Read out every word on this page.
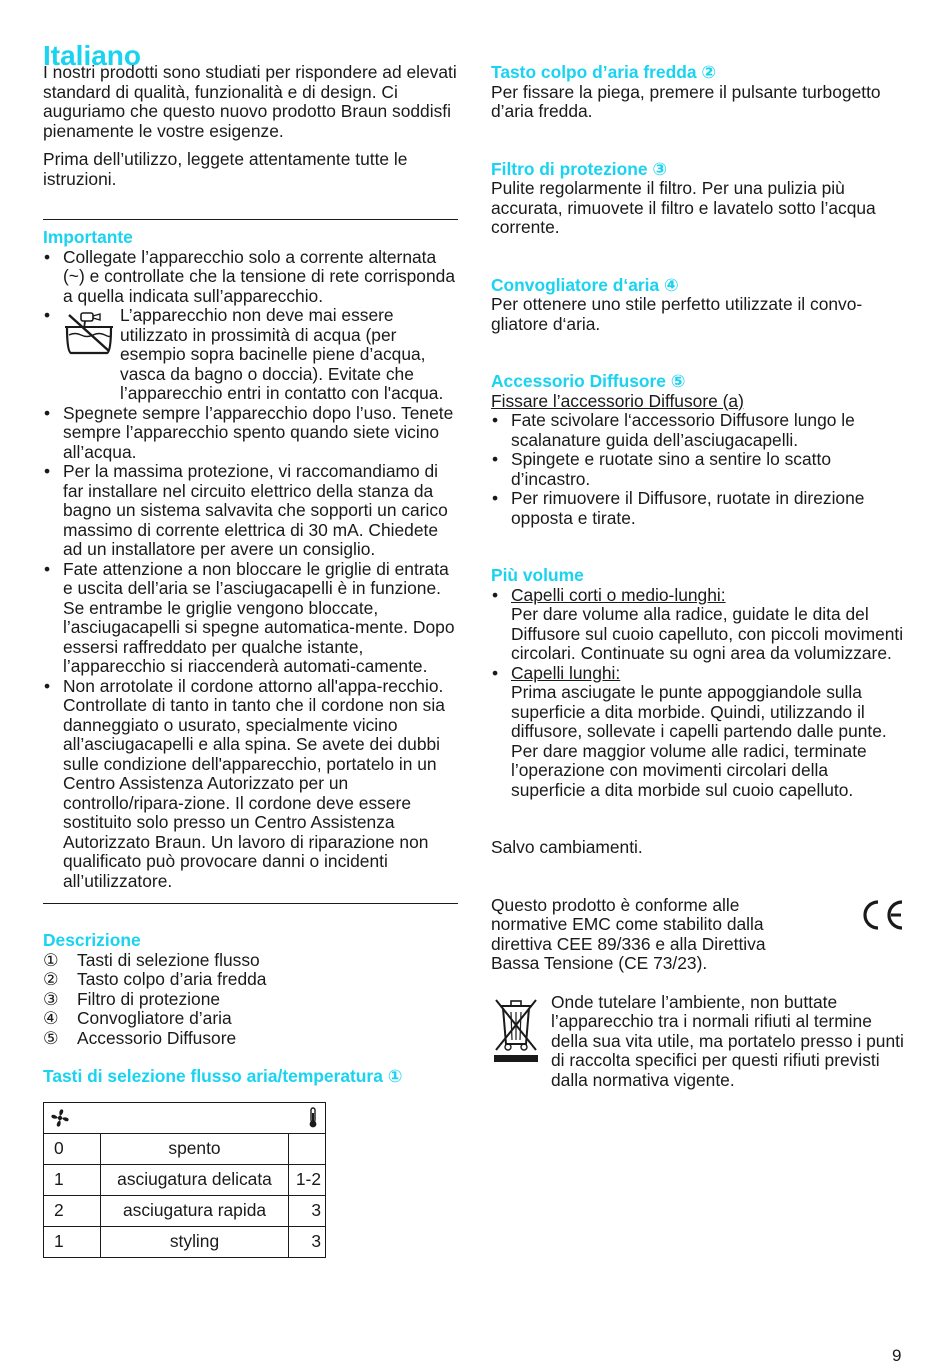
Italiano

I nostri prodotti sono studiati per rispondere ad elevati standard di qualità, funzionalità e di design. Ci auguriamo che questo nuovo prodotto Braun soddisfi pienamente le vostre esigenze.

Prima dell’utilizzo, leggete attentamente tutte le istruzioni.

Importante

• Collegate l’apparecchio solo a corrente alternata (~) e controllate che la tensione di rete corrisponda a quella indicata sull’apparecchio.
• L’apparecchio non deve mai essere utilizzato in prossimità di acqua (per esempio sopra bacinelle piene d’acqua, vasca da bagno o doccia). Evitate che l’apparecchio entri in contatto con l'acqua.
• Spegnete sempre l’apparecchio dopo l’uso. Tenete sempre l’apparecchio spento quando siete vicino all’acqua.
• Per la massima protezione, vi raccomandiamo di far installare nel circuito elettrico della stanza da bagno un sistema salvavita che sopporti un carico massimo di corrente elettrica di 30 mA. Chiedete ad un installatore per avere un consiglio.
• Fate attenzione a non bloccare le griglie di entrata e uscita dell’aria se l’asciugacapelli è in funzione. Se entrambe le griglie vengono bloccate, l’asciugacapelli si spegne automatica-mente. Dopo essersi raffreddato per qualche istante, l’apparecchio si riaccenderà automati-camente.
• Non arrotolate il cordone attorno all'appa-recchio. Controllate di tanto in tanto che il cordone non sia danneggiato o usurato, specialmente vicino all’asciugacapelli e alla spina. Se avete dei dubbi sulle condizione dell'apparecchio, portatelo in un Centro Assistenza Autorizzato per un controllo/ripara-zione. Il cordone deve essere sostituito solo presso un Centro Assistenza Autorizzato Braun. Un lavoro di riparazione non qualificato può provocare danni o incidenti all’utilizzatore.

Descrizione

①	Tasti di selezione flusso
②	Tasto colpo d’aria fredda
③	Filtro di protezione
④	Convogliatore d’aria
⑤	Accessorio Diffusore

Tasti di selezione flusso aria/temperatura ①

0	spento	
1	asciugatura delicata	1-2
2	asciugatura rapida	3
1	styling	3

Tasto colpo d’aria fredda ②

Per fissare la piega, premere il pulsante turbogetto d’aria fredda.

Filtro di protezione ③

Pulite regolarmente il filtro. Per una pulizia più accurata, rimuovete il filtro e lavatelo sotto l’acqua corrente.

Convogliatore d‘aria ④

Per ottenere uno stile perfetto utilizzate il convo-gliatore d‘aria.

Accessorio Diffusore ⑤

Fissare l’accessorio Diffusore (a)

• Fate scivolare l‘accessorio Diffusore lungo le scalanature guida dell’asciugacapelli.
• Spingete e ruotate sino a sentire lo scatto d’incastro.
• Per rimuovere il Diffusore, ruotate in direzione opposta e tirate.

Più volume

• Capelli corti o medio-lunghi:
Per dare volume alla radice, guidate le dita del Diffusore sul cuoio capelluto, con piccoli movimenti circolari. Continuate su ogni area da volumizzare.
• Capelli lunghi:
Prima asciugate le punte appoggiandole sulla superficie a dita morbide. Quindi, utilizzando il diffusore, sollevate i capelli partendo dalle punte. Per dare maggior volume alle radici, terminate l’operazione con movimenti circolari della superficie a dita morbide sul cuoio capelluto.

Salvo cambiamenti.

Questo prodotto è conforme alle normative EMC come stabilito dalla direttiva CEE 89/336 e alla Direttiva Bassa Tensione (CE 73/23).

Onde tutelare l’ambiente, non buttate l’apparecchio tra i normali rifiuti al termine della sua vita utile, ma portatelo presso i punti di raccolta specifici per questi rifiuti previsti dalla normativa vigente.

9
